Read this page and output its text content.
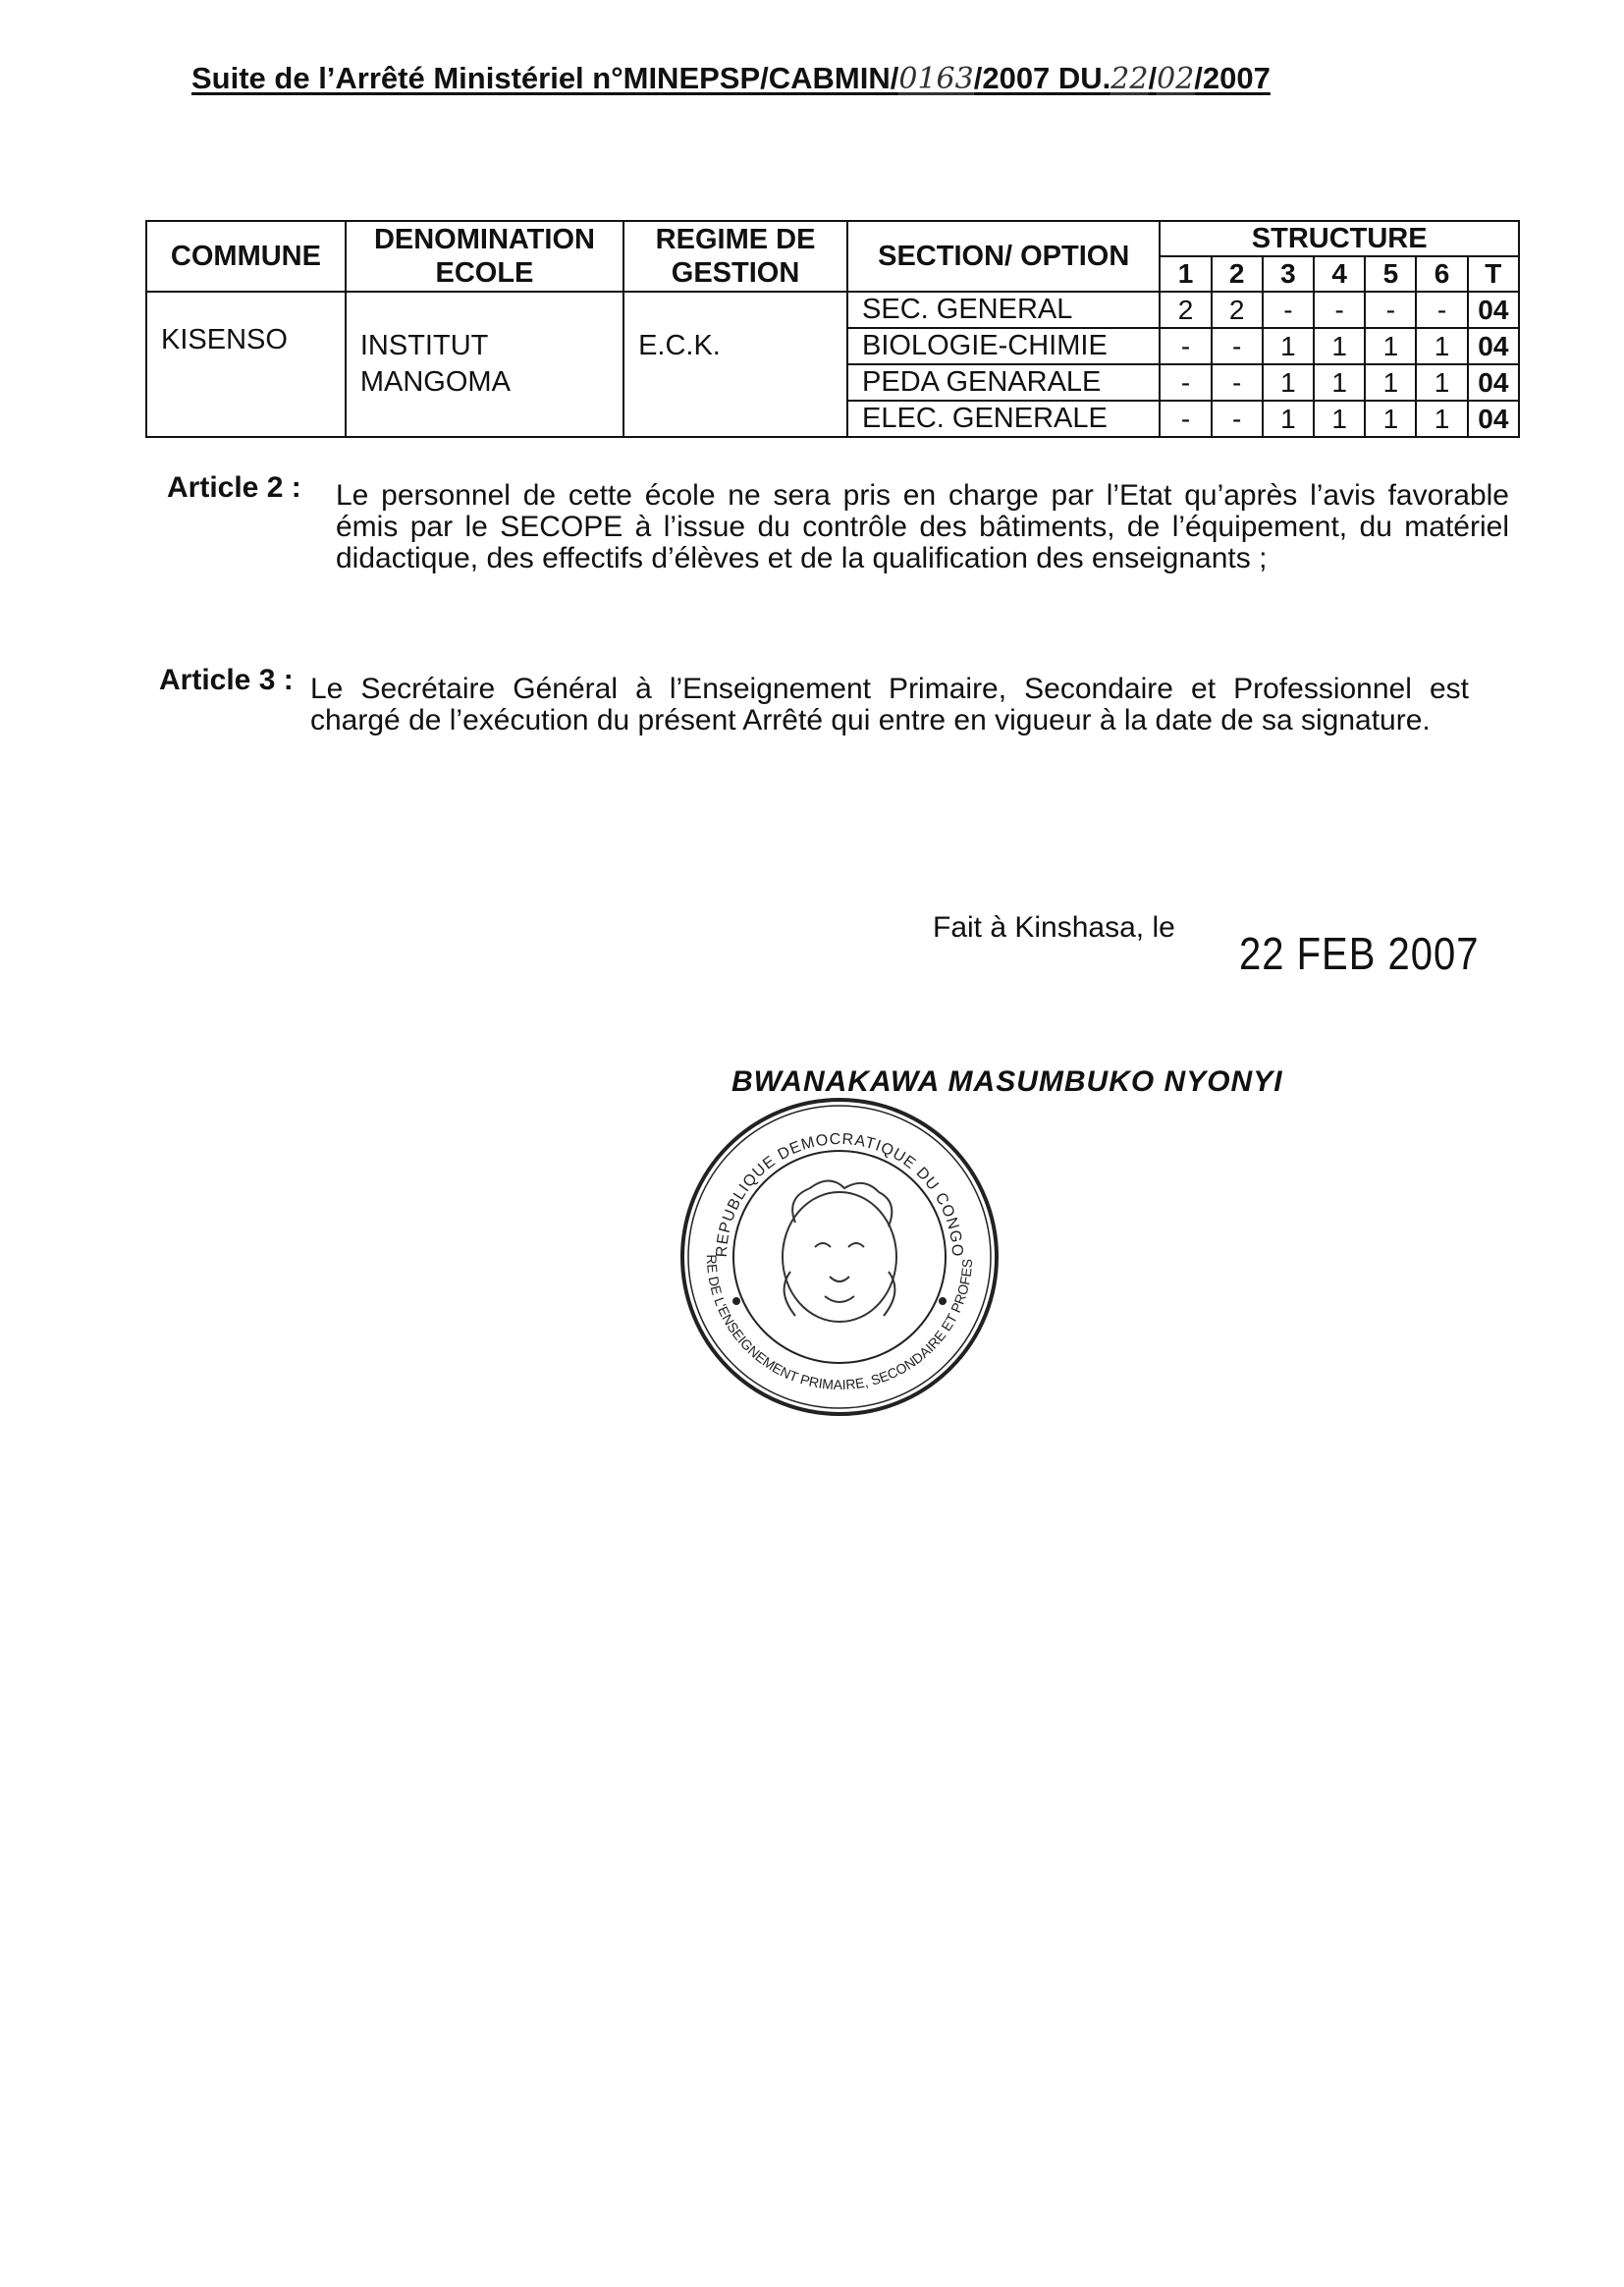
Suite de l’Arrêté Ministériel n°MINEPSP/CABMIN/0163/2007 DU.22/02/2007
COMMUNE	DENOMINATION ECOLE	REGIME DE GESTION	SECTION/ OPTION	STRUCTURE						
				1	2	3	4	5	6	T
KISENSO	INSTITUT MANGOMA	E.C.K.	SEC. GENERAL	2	2	-	-	-	-	04
			BIOLOGIE-CHIMIE	-	-	1	1	1	1	04
			PEDA GENARALE	-	-	1	1	1	1	04
			ELEC. GENERALE	-	-	1	1	1	1	04
Article 2 : Le personnel de cette école ne sera pris en charge par l’Etat qu’après l’avis favorable émis par le SECOPE à l’issue du contrôle des bâtiments, de l’équipement, du matériel didactique, des effectifs d’élèves et de la qualification des enseignants ;
Article 3 : Le Secrétaire Général à l’Enseignement Primaire, Secondaire et Professionnel est chargé de l’exécution du présent Arrêté qui entre en vigueur à la date de sa signature.
Fait à Kinshasa, le
22 FEB 2007
BWANAKAWA MASUMBUKO NYONYI
REPUBLIQUE DEMOCRATIQUE DU CONGO
RE DE L'ENSEIGNEMENT PRIMAIRE, SECONDAIRE ET PROFES
